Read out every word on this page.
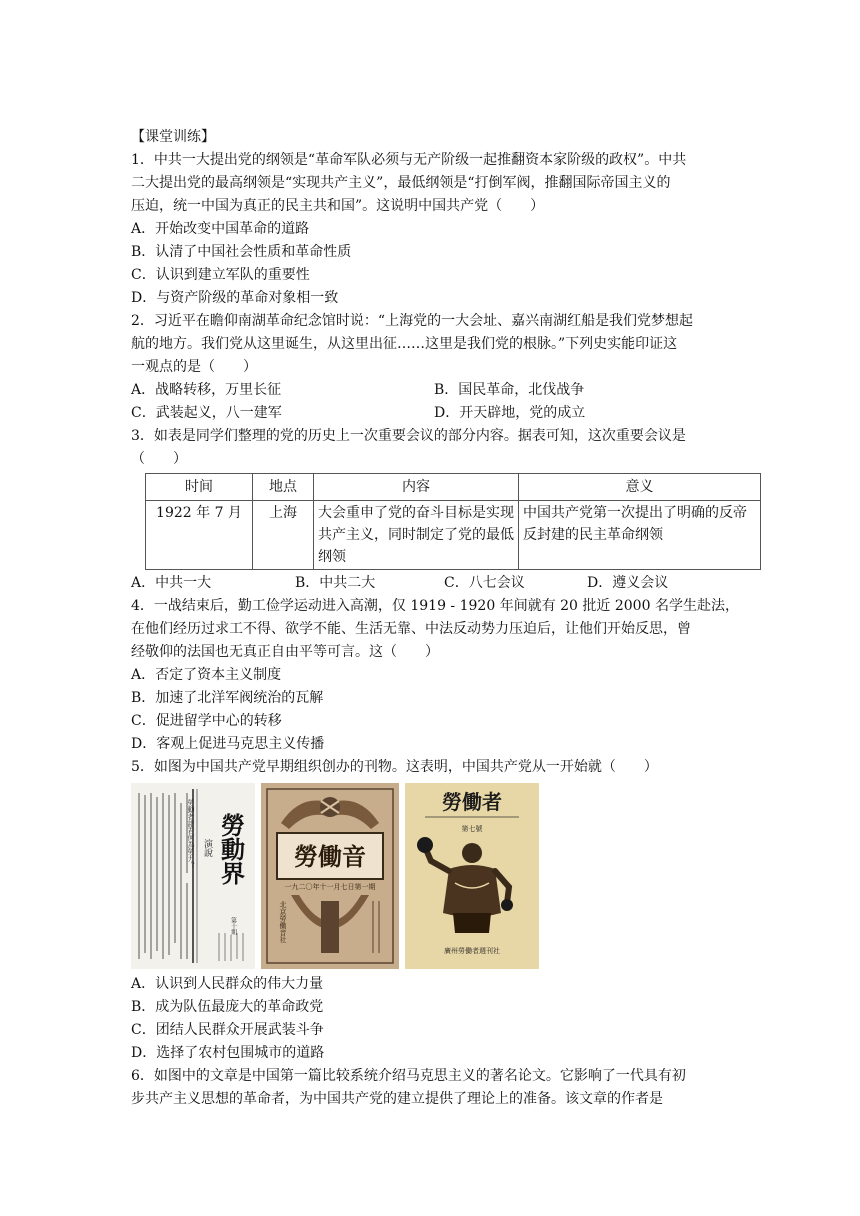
【课堂训练】
1．中共一大提出党的纲领是“革命军队必须与无产阶级一起推翻资本家阶级的政权”。中共
二大提出党的最高纲领是“实现共产主义”，最低纲领是“打倒军阀，推翻国际帝国主义的
压迫，统一中国为真正的民主共和国”。这说明中国共产党（　　）
A．开始改变中国革命的道路
B．认清了中国社会性质和革命性质
C．认识到建立军队的重要性
D．与资产阶级的革命对象相一致
2．习近平在瞻仰南湖革命纪念馆时说：“上海党的一大会址、嘉兴南湖红船是我们党梦想起
航的地方。我们党从这里诞生，从这里出征……这里是我们党的根脉。”下列史实能印证这
一观点的是（　　）
A．战略转移，万里长征	B．国民革命，北伐战争
C．武装起义，八一建军	D．开天辟地，党的成立
3．如表是同学们整理的党的历史上一次重要会议的部分内容。据表可知，这次重要会议是
（　　）
时间	地点	内容	意义
1922 年 7 月	上海	大会重申了党的奋斗目标是实现共产主义，同时制定了党的最低纲领	中国共产党第一次提出了明确的反帝反封建的民主革命纲领
A．中共一大	B．中共二大	C．八七会议	D．遵义会议
4．一战结束后，勤工俭学运动进入高潮，仅 1919 - 1920 年间就有 20 批近 2000 名学生赴法，
在他们经历过求工不得、欲学不能、生活无靠、中法反动势力压迫后，让他们开始反思，曾
经敬仰的法国也无真正自由平等可言。这（　　）
A．否定了资本主义制度
B．加速了北洋军阀统治的瓦解
C．促进留学中心的转移
D．客观上促进马克思主义传播
5．如图为中国共产党早期组织创办的刊物。这表明，中国共产党从一开始就（　　）
演說
勞動者諸君何為勞力？ 勞動界
第十期
勞働音
一九二〇年十一月七日第一期
北京勞働音社
勞働者
第七號
廣州勞働者週刊社
A．认识到人民群众的伟大力量
B．成为队伍最庞大的革命政党
C．团结人民群众开展武装斗争
D．选择了农村包围城市的道路
6．如图中的文章是中国第一篇比较系统介绍马克思主义的著名论文。它影响了一代具有初
步共产主义思想的革命者，为中国共产党的建立提供了理论上的准备。该文章的作者是
